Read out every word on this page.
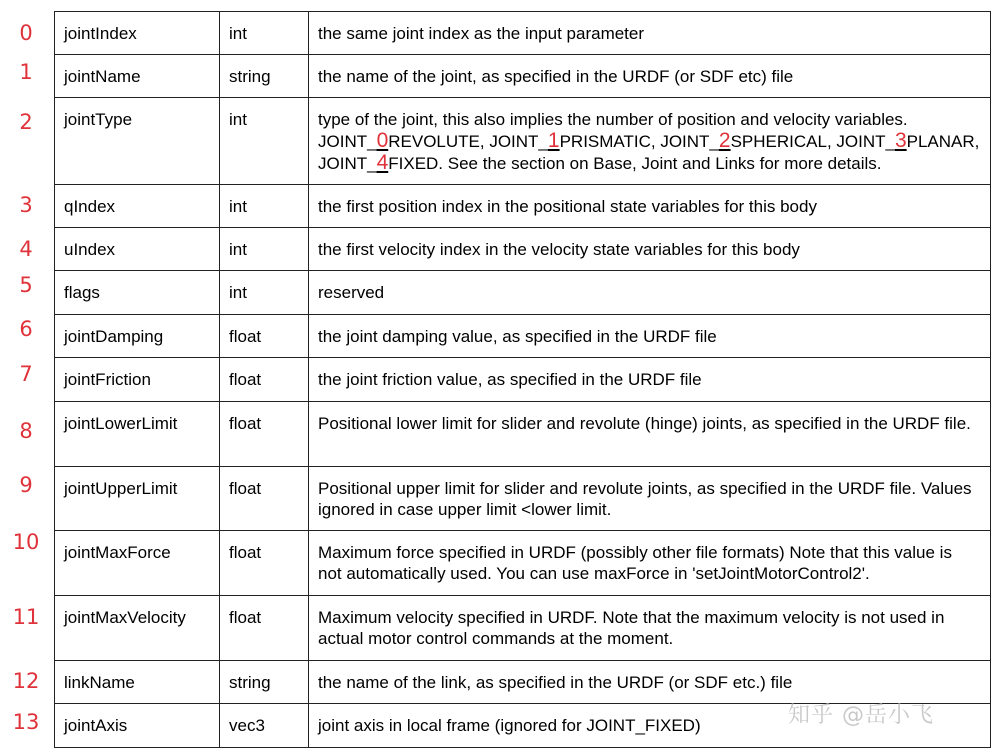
0
1
2
3
4
5
6
7
8
9
10
11
12
13
jointIndex	int	the same joint index as the input parameter
jointName	string	the name of the joint, as specified in the URDF (or SDF etc) file
jointType	int	type of the joint, this also implies the number of position and velocity variables.
JOINT_0REVOLUTE, JOINT_1PRISMATIC, JOINT_2SPHERICAL, JOINT_3PLANAR,
JOINT_4FIXED. See the section on Base, Joint and Links for more details.
qIndex	int	the first position index in the positional state variables for this body
uIndex	int	the first velocity index in the velocity state variables for this body
flags	int	reserved
jointDamping	float	the joint damping value, as specified in the URDF file
jointFriction	float	the joint friction value, as specified in the URDF file
jointLowerLimit	float	Positional lower limit for slider and revolute (hinge) joints, as specified in the URDF file.
jointUpperLimit	float	Positional upper limit for slider and revolute joints, as specified in the URDF file. Values ignored in case upper limit <lower limit.
jointMaxForce	float	Maximum force specified in URDF (possibly other file formats) Note that this value is not automatically used. You can use maxForce in 'setJointMotorControl2'.
jointMaxVelocity	float	Maximum velocity specified in URDF. Note that the maximum velocity is not used in actual motor control commands at the moment.
linkName	string	the name of the link, as specified in the URDF (or SDF etc.) file
jointAxis	vec3	joint axis in local frame (ignored for JOINT_FIXED)	知乎 @岳小飞
